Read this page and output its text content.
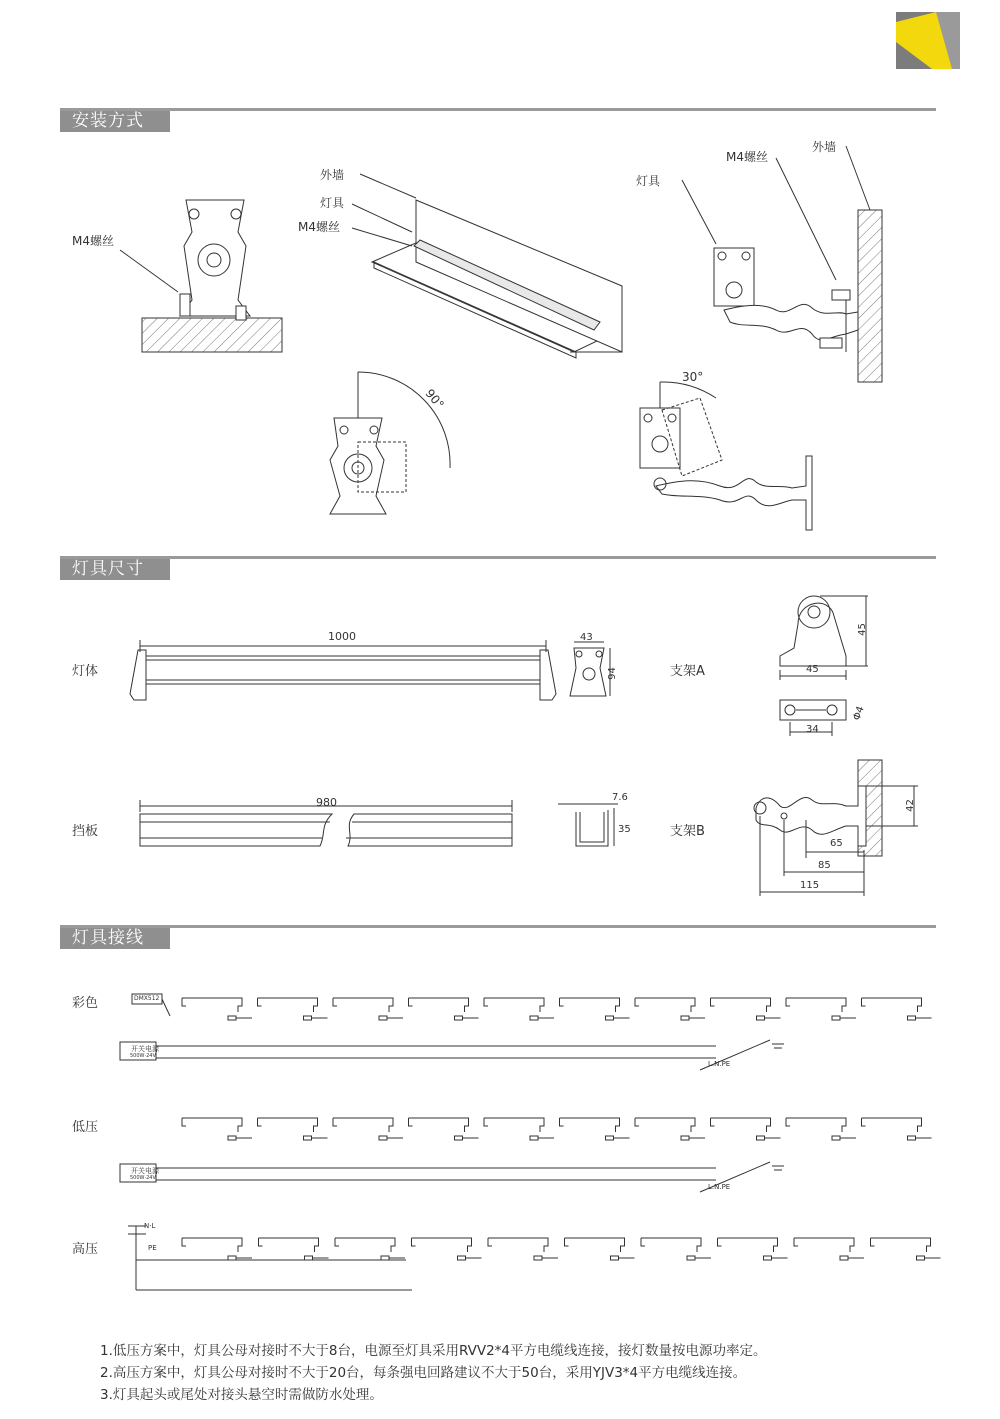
安装方式
灯具尺寸
灯具接线
M4螺丝
外墙
灯具
M4螺丝
灯具
M4螺丝
外墙
90°
30°
灯体
1000	43
94	支架A
45
45
Φ4
34
挡板
980	7.6
35	支架B
42
65
85
115
彩色
低压
高压
DMX512
开关电源
500W·24V
开关电源
500W·24V
L.N.PE
L.N.PE
N·L
PE
1.低压方案中，灯具公母对接时不大于8台，电源至灯具采用RVV2*4平方电缆线连接，接灯数量按电源功率定。
2.高压方案中，灯具公母对接时不大于20台，每条强电回路建议不大于50台，采用YJV3*4平方电缆线连接。
3.灯具起头或尾处对接头悬空时需做防水处理。
